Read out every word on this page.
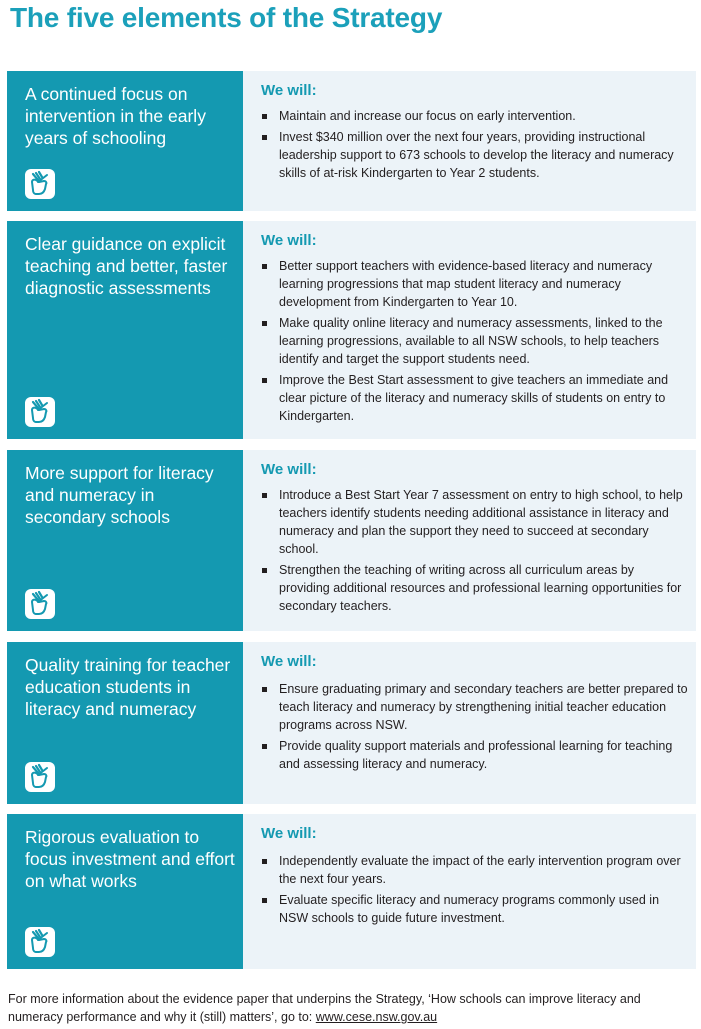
The five elements of the Strategy
A continued focus on intervention in the early years of schooling
We will:
Maintain and increase our focus on early intervention.
Invest $340 million over the next four years, providing instructional leadership support to 673 schools to develop the literacy and numeracy skills of at-risk Kindergarten to Year 2 students.
Clear guidance on explicit teaching and better, faster diagnostic assessments
We will:
Better support teachers with evidence-based literacy and numeracy learning progressions that map student literacy and numeracy development from Kindergarten to Year 10.
Make quality online literacy and numeracy assessments, linked to the learning progressions, available to all NSW schools, to help teachers identify and target the support students need.
Improve the Best Start assessment to give teachers an immediate and clear picture of the literacy and numeracy skills of students on entry to Kindergarten.
More support for literacy and numeracy in secondary schools
We will:
Introduce a Best Start Year 7 assessment on entry to high school, to help teachers identify students needing additional assistance in literacy and numeracy and plan the support they need to succeed at secondary school.
Strengthen the teaching of writing across all curriculum areas by providing additional resources and professional learning opportunities for secondary teachers.
Quality training for teacher education students in literacy and numeracy
We will:
Ensure graduating primary and secondary teachers are better prepared to teach literacy and numeracy by strengthening initial teacher education programs across NSW.
Provide quality support materials and professional learning for teaching and assessing literacy and numeracy.
Rigorous evaluation to focus investment and effort on what works
We will:
Independently evaluate the impact of the early intervention program over the next four years.
Evaluate specific literacy and numeracy programs commonly used in NSW schools to guide future investment.
For more information about the evidence paper that underpins the Strategy, ‘How schools can improve literacy and numeracy performance and why it (still) matters’, go to: www.cese.nsw.gov.au
